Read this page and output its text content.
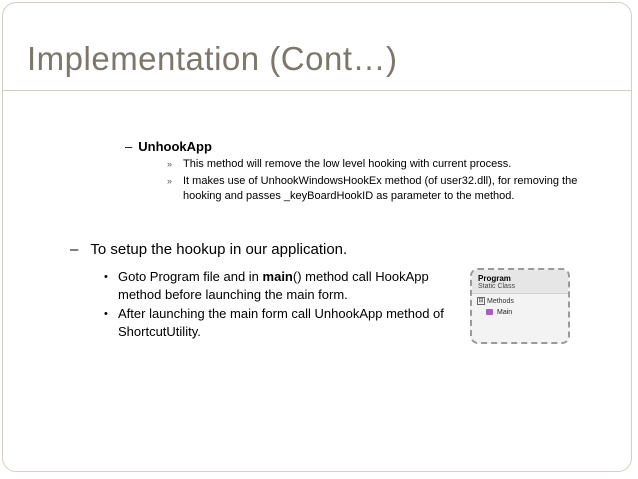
Implementation (Cont…)
– UnhookApp
» This method will remove the low level hooking with current process.
» It makes use of UnhookWindowsHookEx method (of user32.dll), for removing the hooking and passes _keyBoardHookID as parameter to the method.
– To setup the hookup in our application.
• Goto Program file and in main() method call HookApp method before launching the main form.
• After launching the main form call UnhookApp method of ShortcutUtility.
Program
Static Class
⊟ Methods
Main
